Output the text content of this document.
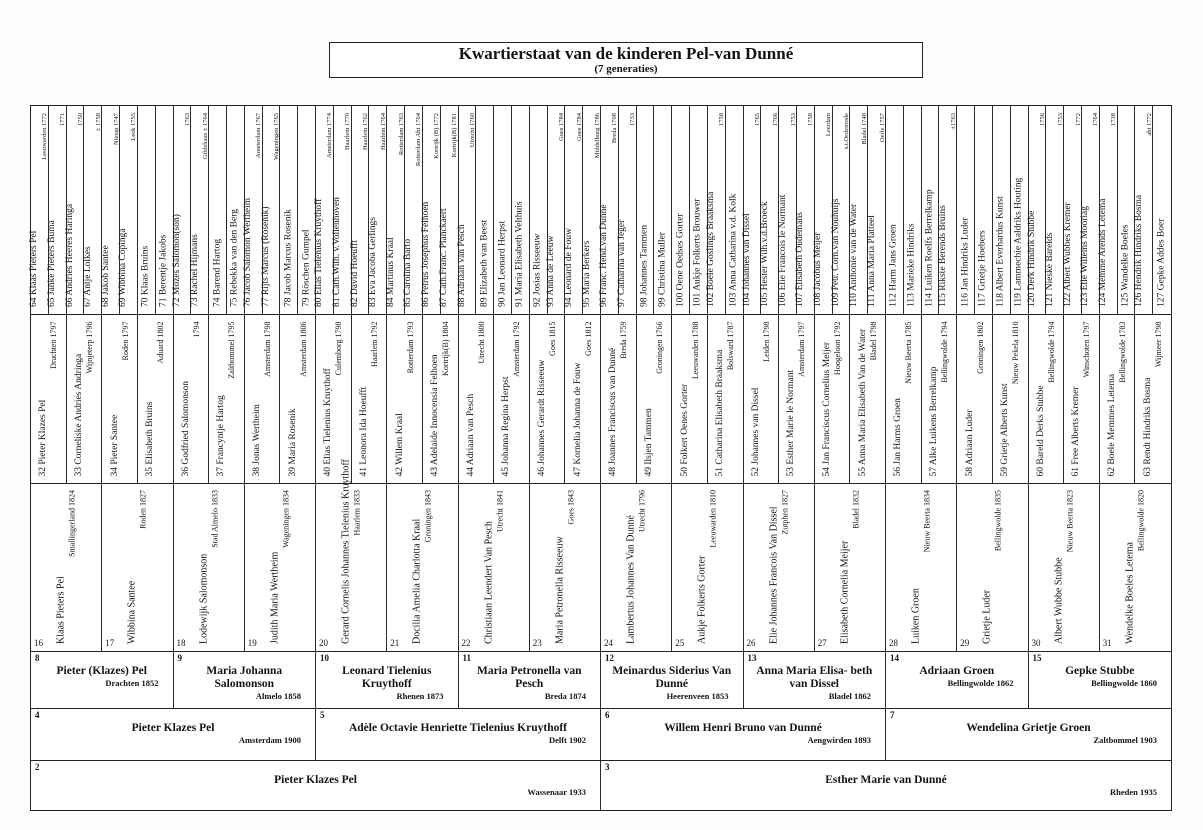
Kwartierstaat van de kinderen Pel-van Dunné
(7 generaties)
64 Klaas Pieters Pel
Leeuwarden 1772
65 Janke Pieters Buma
1771
66 Andries Heeres Haringa
1750
67 Antje Lolkes
± 1758
68 Jakob Santee
Nietap 1747
69 Wibbina Copinga
Leek 1755
70 Klaas Bruins 71 Berentje Jakobs 72 Mozes Salomon(son)
1763
73 Rachel Hijmans
Gildehaus ± 1764
74 Barend Hartog 75 Rebekka van den Berg 76 Jacob Salomon Wertheim
Amsterdam 1767
77 Rijts Marcus (Rosenik)
Wageningen 1765
78 Jacob Marcus Rosenik 79 Röschen Gumpel 80 Elias Tielenius Kruythoff
Amsterdam 1774
81 Cath.Wilh. v.Vollenhoven
Haarlem 1770
82 David Hoeufft
Haarlem 1762
83 Eva Jacoba Gerlings
Haarlem 1764
84 Martinus Kraal
Rotterdam 1763
85 Carolina Barto
Rotterdam Abt 1764
86 Petrus Josephus Felhoen
Kortrijk (B) 1772
87 Cath.Franc. Planckaert
Kortrijk(B) 1781
88 Adriaan van Pesch
Utrecht 1760
89 Elizabeth van Beest 90 Jan Leonard Herpst 91 Maria Elisabeth Velthuis 92 Josias Risseeuw 93 Anna de Leeuw
Goes 1784
94 Leonard de Fouw
Goes 1784
95 Maria Berkers
Middelburg 1786
96 Franc. Hend.van Dunne
Breda 1708
97 Catharina van Jeger
1733
98 Johannes Tammen 99 Christina Muller 100 Oene Oedses Gorter 101 Aukje Folkerts Brouwer 102 Boele Goslings Braaksma
1758
103 Anna Catharina v.d. Kolk 104 Johannes van Dissel
1765
105 Hester Wilh.v.d.Broeck
1766
106 Elie Francois le Normant
1753
107 Elisabeth Oudemans
1758
108 Jacobus Meijer
Leerdam
109 Petr. Corn.van Nouhuijs
s.t.Oedenrode
110 Anthonie van de Water
Bladel 1748
111 Anna Maria Platteel
Oerle 1757
112 Harm Jans Groen 113 Marieke Hindriks 114 Luiken Roelfs Berrelkamp 115 Rikste Berends Bruins
±1763
116 Jan Hindriks Luder 117 Grietje Hoebers 118 Albert Everhardus Kunst 119 Lammechie Aaldriks Houting 120 Derk Hindrik Stubbe
1756
121 Nieske Barelds
1753
122 Albert Wubbes Kremer
1772
123 Elle Willems Mooriag
1764
124 Memme Arends Letema
1738
125 Wandelke Boeles 126 Hendrik Hindriks Bosma
abt 1772
127 Gepke Addes Boer
32 Pieter Klazes Pel
Drachten 1797
33 Corneliske Andries Andringa
Wijnjeterp 1796
34 Pieter Santee
Roden 1797
35 Elisabeth Bruins
Aduard 1802
36 Godfried Salomonson
1794
37 Francyntje Hartog
Zaltbommel 1795
38 Jonas Wertheim
Amsterdam 1798
39 Maria Rosenik
Amsterdam 1806
40 Elias Tielenius Kruythoff
Culemborg 1798
41 Leonora Ida Hoeufft
Haarlem 1792
42 Willem Kraal
Rotterdam 1793
43 Adelaide Innocensia Felhoen
Kortrijk(B) 1804
44 Adriaan van Pesch
Utrecht 1800
45 Johanna Regina Herpst
Amsterdam 1792
46 Johannes Gerardt Risseeuw
Goes 1815
47 Kornelia Johanna de Fouw
Goes 1812
48 Joannes Franciscus van Dunné
Breda 1759
49 Ilsjen Tammen
Groningen 1766
50 Folkert Oenes Gorter
Leeuwarden 1788 51 Catharina Elisabeth Braaksma
Bolsward 1787
52 Johannes van Dissel
Leiden 1798
53 Esther Marie le Normant
Amsterdam 1797 54 Jan Franciscus Cornelius Meijer Hoogeloon 1792 55 Anna Maria Elisabeth Van de Water Bladel 1798
56 Jan Harms Groen
Nieuw Beerta 1785
57 Alke Luikens Berrelkamp
Bellingwolde 1794
58 Adriaan Luder
Groningen 1802
59 Grietje Alberts Kunst
Nieuw Pekela 1810
60 Bareld Derks Stubbe
Bellingwolde 1794
61 Free Alberts Kremer
Winschoten 1797
62 Boele Memmes Letema
Bellingwolde 1783
63 Rendt Hindriks Bosma
Wijmeer 1798
16 Klaas Pieters Pel
Smallingerland 1824
17 Wibbina Santee
Roden 1827
18 Lodewijk Salomonson
Stad Almelo 1833
19 Judith Maria Wertheim
Wageningen 1834
20 Gerard Cornelis Johannes Tielenius Kruythoff Haarlem 1833
21 Docilia Amelia Charlotta Kraal
Groningen 1843
22 Christiaan Leendert Van Pesch
Utrecht 1841
23 Maria Petronella Risseeuw
Goes 1843
24 Lambertus Johannes Van Dunné
Utrecht 1796
25 Aukje Folkerts Gorter
Leeuwarden 1810
26 Elie Johannes Francois Van Dissel Zutphen 1827
27 Elisabeth Cornelia Meijer
Bladel 1832
28 Luiken Groen
Nieuw Beerta 1834
29 Grietje Luder
Bellingwolde 1835
30 Albert Wubbe Stubbe
Nieuw Beerta 1823
31 Wendelke Boeles Letema
Bellingwolde 1820
8
Pieter (Klazes) Pel
Drachten 1852
9
Maria Johanna Salomonson
Almelo 1858
10
Leonard Tielenius Kruythoff
Rhenen 1873
11
Maria Petronella van Pesch
Breda 1874
12
Meinardus Siderius Van Dunné
Heerenveen 1853
13
Anna Maria Elisa- beth van Dissel
Bladel 1862
14
Adriaan Groen
Bellingwolde 1862
15
Gepke Stubbe
Bellingwolde 1860
4
Pieter Klazes Pel
Amsterdam 1900
5
Adèle Octavie Henriette Tielenius Kruythoff
Delft 1902
6
Willem Henri Bruno van Dunné
Aengwirden 1893
7
Wendelina Grietje Groen
Zaltbommel 1903
2
Pieter Klazes Pel
Wassenaar 1933
3
Esther Marie van Dunné
Rheden 1935
